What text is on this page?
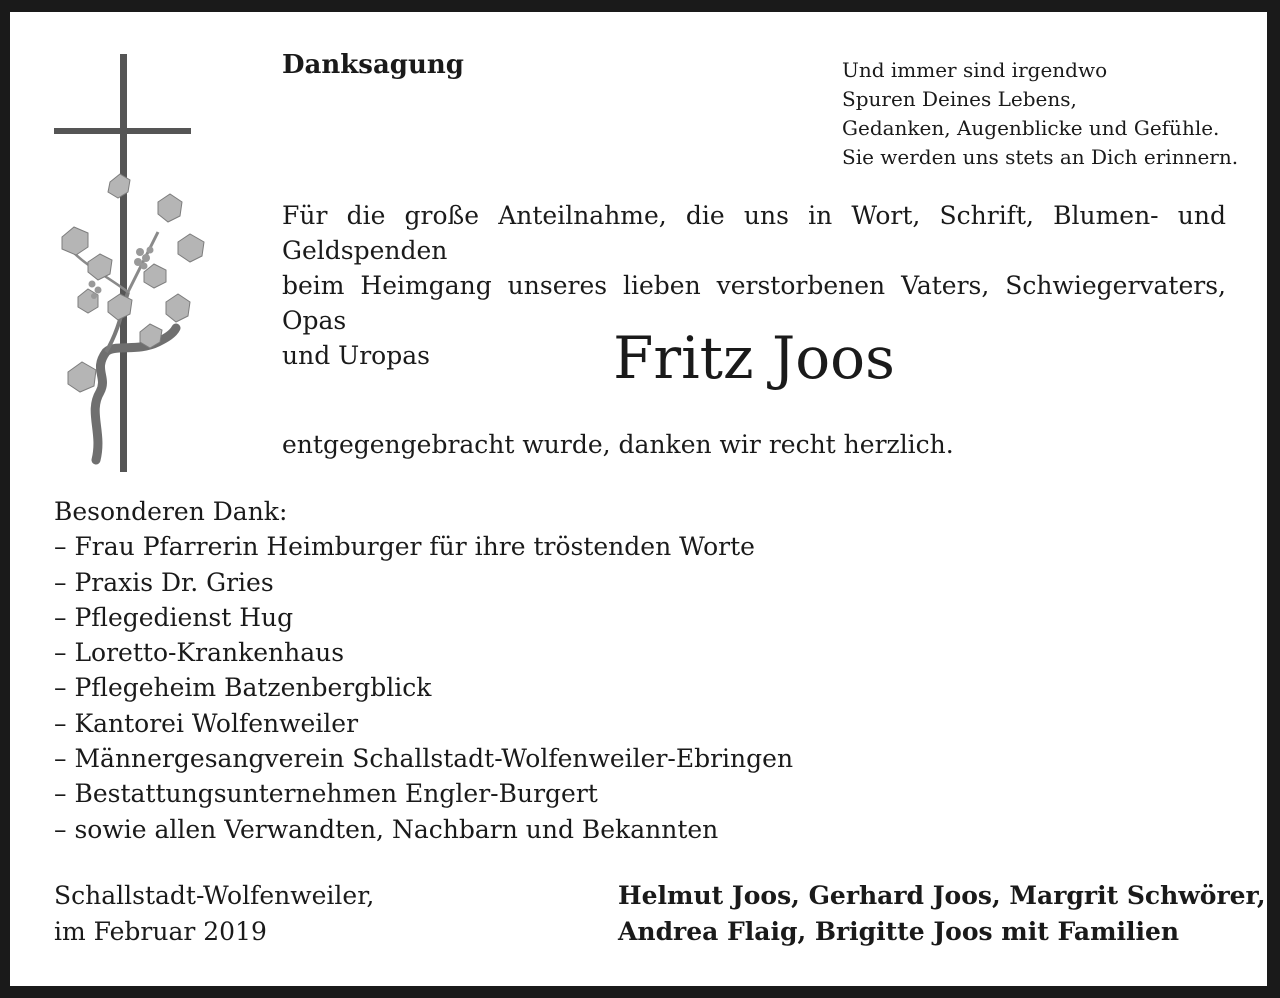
Danksagung	Und immer sind irgendwo
Spuren Deines Lebens,
Gedanken, Augenblicke und Gefühle.
Sie werden uns stets an Dich erinnern.

Für die große Anteilnahme, die uns in Wort, Schrift, Blumen- und Geldspenden
beim Heimgang unseres lieben verstorbenen Vaters, Schwiegervaters, Opas
und Uropas	Fritz Joos

entgegengebracht wurde, danken wir recht herzlich.

Besonderen Dank:
– Frau Pfarrerin Heimburger für ihre tröstenden Worte
– Praxis Dr. Gries
– Pflegedienst Hug
– Loretto-Krankenhaus
– Pflegeheim Batzenbergblick
– Kantorei Wolfenweiler
– Männergesangverein Schallstadt-Wolfenweiler-Ebringen
– Bestattungsunternehmen Engler-Burgert
– sowie allen Verwandten, Nachbarn und Bekannten
Schallstadt-Wolfenweiler,
im Februar 2019
Helmut Joos, Gerhard Joos, Margrit Schwörer,
Andrea Flaig, Brigitte Joos mit Familien
